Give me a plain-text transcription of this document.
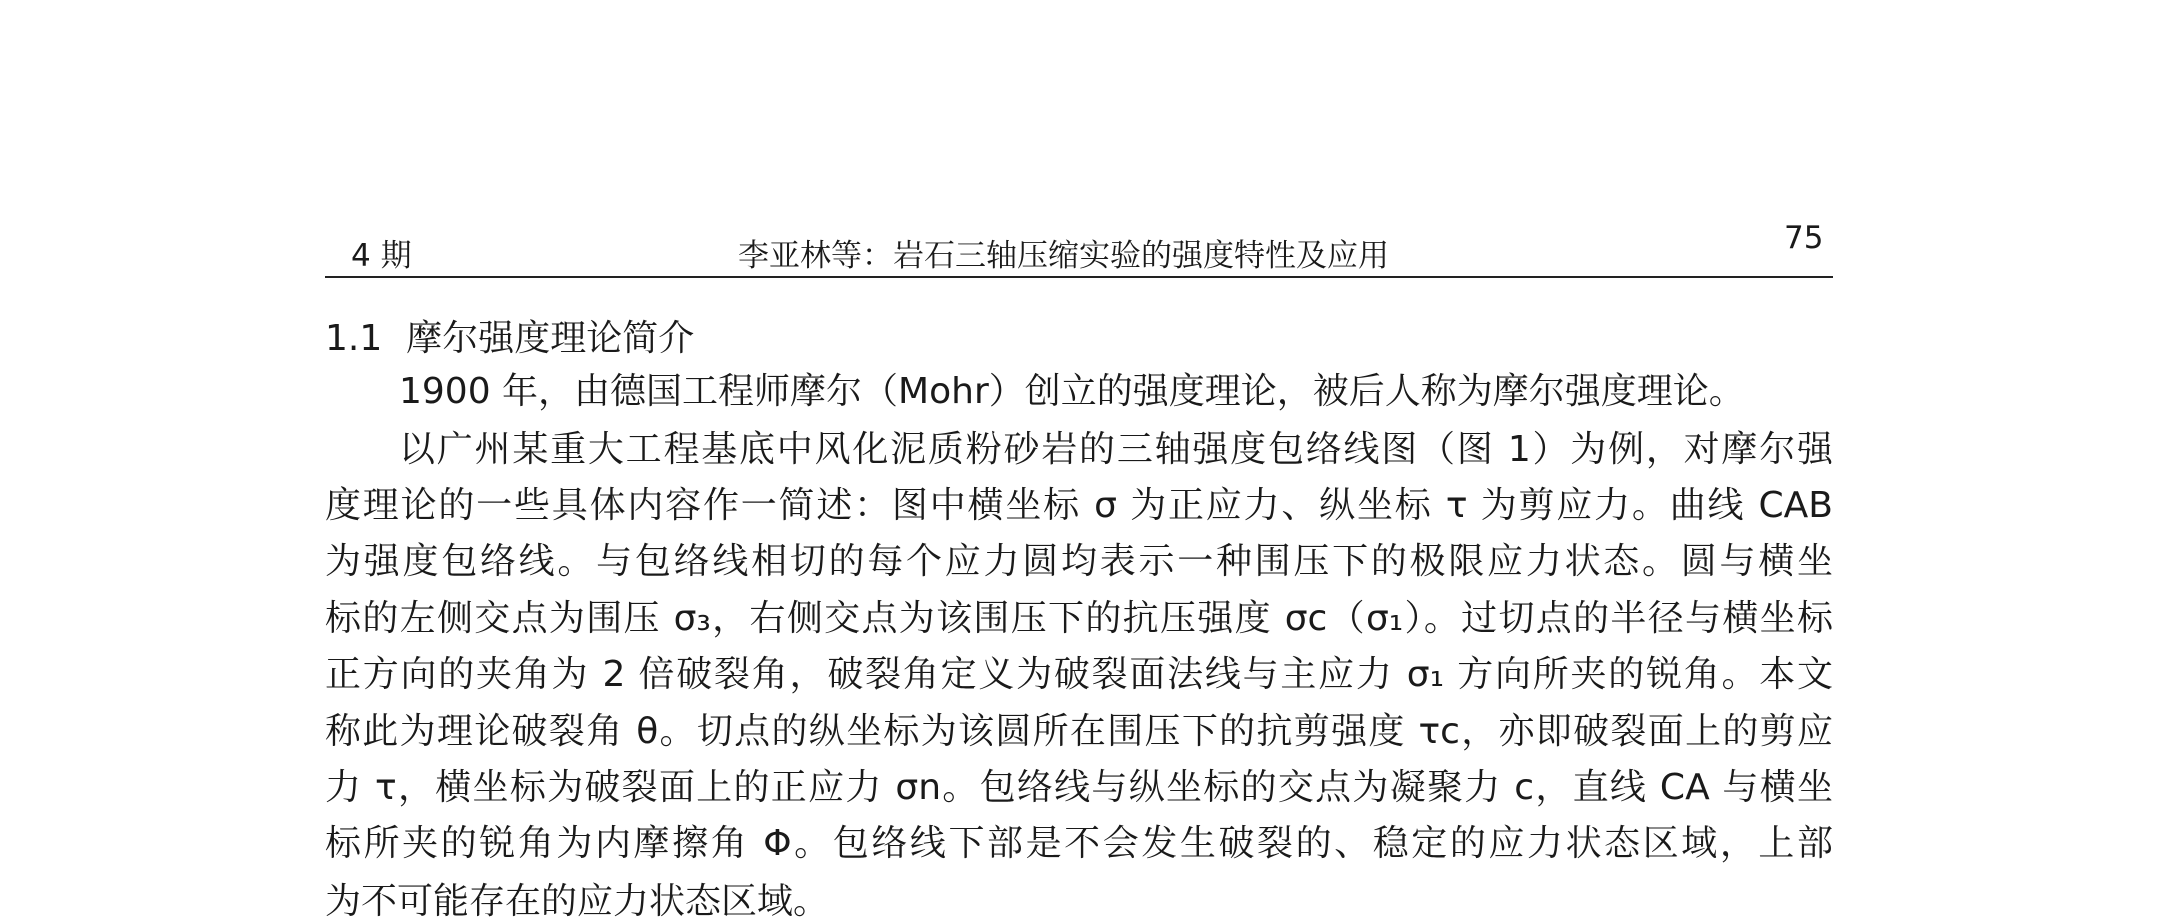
4 期	李亚林等：岩石三轴压缩实验的强度特性及应用	75
1.1 摩尔强度理论简介
1900 年，由德国工程师摩尔（Mohr）创立的强度理论，被后人称为摩尔强度理论。
以广州某重大工程基底中风化泥质粉砂岩的三轴强度包络线图（图 1）为例，对摩尔强
度理论的一些具体内容作一简述：图中横坐标 σ 为正应力、纵坐标 τ 为剪应力。曲线 CAB
为强度包络线。与包络线相切的每个应力圆均表示一种围压下的极限应力状态。圆与横坐
标的左侧交点为围压 σ₃，右侧交点为该围压下的抗压强度 σc（σ₁）。过切点的半径与横坐标
正方向的夹角为 2 倍破裂角，破裂角定义为破裂面法线与主应力 σ₁ 方向所夹的锐角。本文
称此为理论破裂角 θ。切点的纵坐标为该圆所在围压下的抗剪强度 τc，亦即破裂面上的剪应
力 τ，横坐标为破裂面上的正应力 σn。包络线与纵坐标的交点为凝聚力 c，直线 CA 与横坐
标所夹的锐角为内摩擦角 Φ。包络线下部是不会发生破裂的、稳定的应力状态区域，上部
为不可能存在的应力状态区域。
